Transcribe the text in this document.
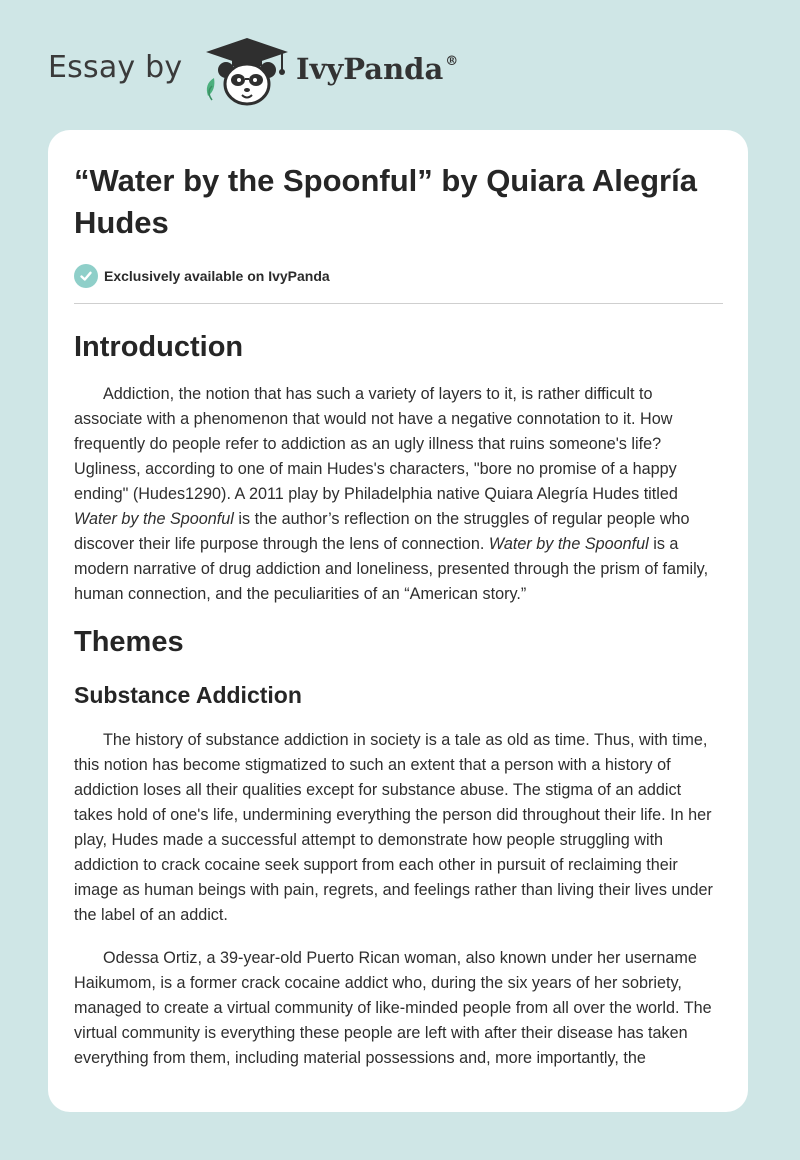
Essay by	IvyPanda ®
“Water by the Spoonful” by Quiara Alegría Hudes
Exclusively available on IvyPanda
Introduction

Addiction, the notion that has such a variety of layers to it, is rather difficult to associate with a phenomenon that would not have a negative connotation to it. How frequently do people refer to addiction as an ugly illness that ruins someone's life? Ugliness, according to one of main Hudes's characters, "bore no promise of a happy ending" (Hudes1290). A 2011 play by Philadelphia native Quiara Alegría Hudes titled Water by the Spoonful is the author’s reflection on the struggles of regular people who discover their life purpose through the lens of connection. Water by the Spoonful is a modern narrative of drug addiction and loneliness, presented through the prism of family, human connection, and the peculiarities of an “American story.”

Themes
Substance Addiction

The history of substance addiction in society is a tale as old as time. Thus, with time, this notion has become stigmatized to such an extent that a person with a history of addiction loses all their qualities except for substance abuse. The stigma of an addict takes hold of one's life, undermining everything the person did throughout their life. In her play, Hudes made a successful attempt to demonstrate how people struggling with addiction to crack cocaine seek support from each other in pursuit of reclaiming their image as human beings with pain, regrets, and feelings rather than living their lives under the label of an addict.

Odessa Ortiz, a 39-year-old Puerto Rican woman, also known under her username Haikumom, is a former crack cocaine addict who, during the six years of her sobriety, managed to create a virtual community of like-minded people from all over the world. The virtual community is everything these people are left with after their disease has taken everything from them, including material possessions and, more importantly, the
